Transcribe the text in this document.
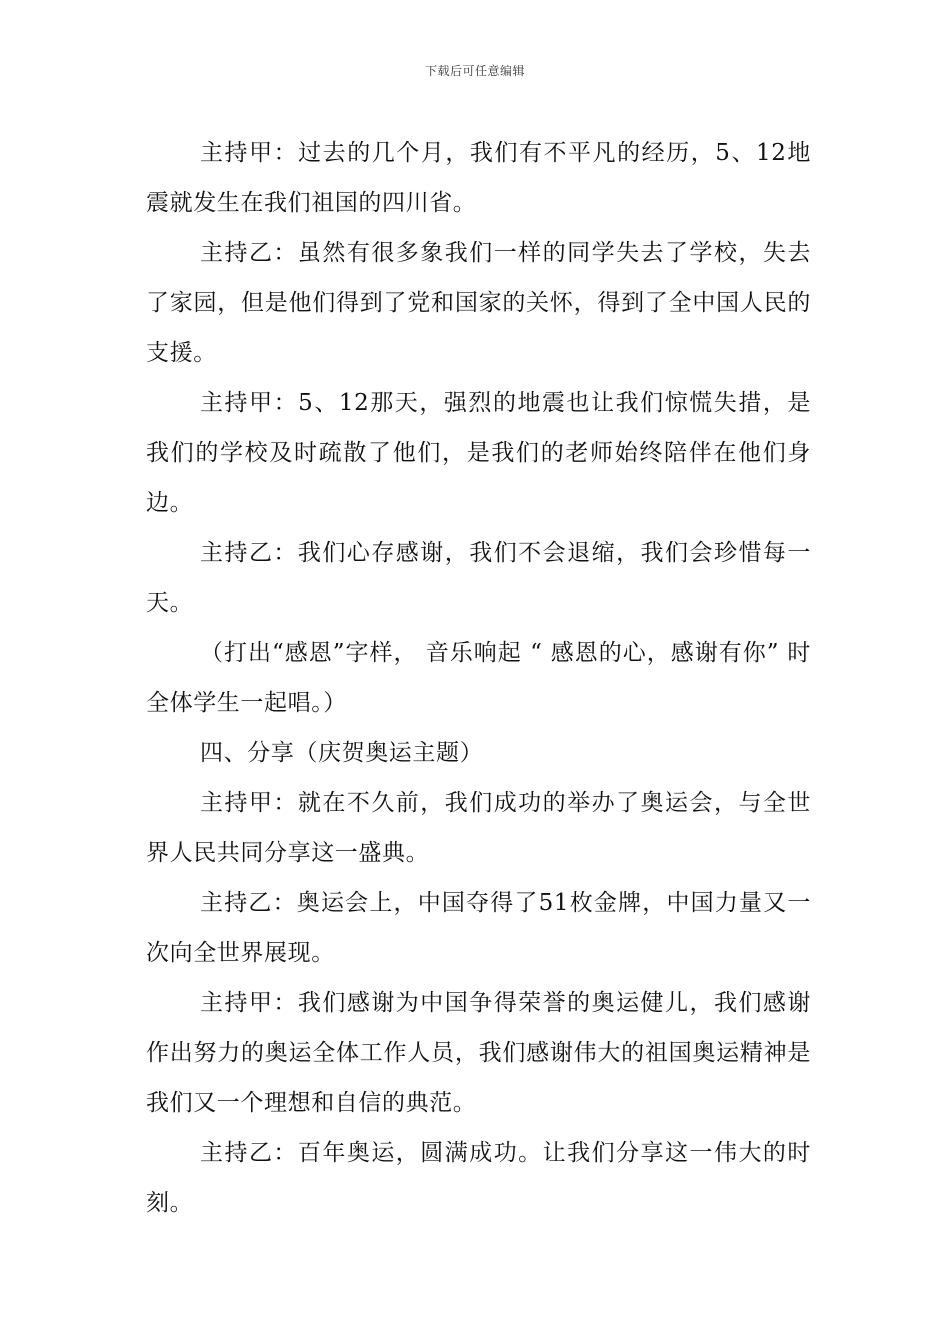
下载后可任意编辑

主持甲：过去的几个月，我们有不平凡的经历，5、12地震就发生在我们祖国的四川省。

主持乙：虽然有很多象我们一样的同学失去了学校，失去了家园，但是他们得到了党和国家的关怀，得到了全中国人民的支援。

主持甲：5、12那天，强烈的地震也让我们惊慌失措，是我们的学校及时疏散了他们，是我们的老师始终陪伴在他们身边。

主持乙：我们心存感谢，我们不会退缩，我们会珍惜每一天。

（打出“感恩”字样， 音乐响起 “ 感恩的心，感谢有你” 时全体学生一起唱。）

四、分享（庆贺奥运主题）

主持甲：就在不久前，我们成功的举办了奥运会，与全世界人民共同分享这一盛典。

主持乙：奥运会上，中国夺得了51枚金牌，中国力量又一次向全世界展现。

主持甲：我们感谢为中国争得荣誉的奥运健儿，我们感谢作出努力的奥运全体工作人员，我们感谢伟大的祖国奥运精神是我们又一个理想和自信的典范。

主持乙：百年奥运，圆满成功。让我们分享这一伟大的时刻。
